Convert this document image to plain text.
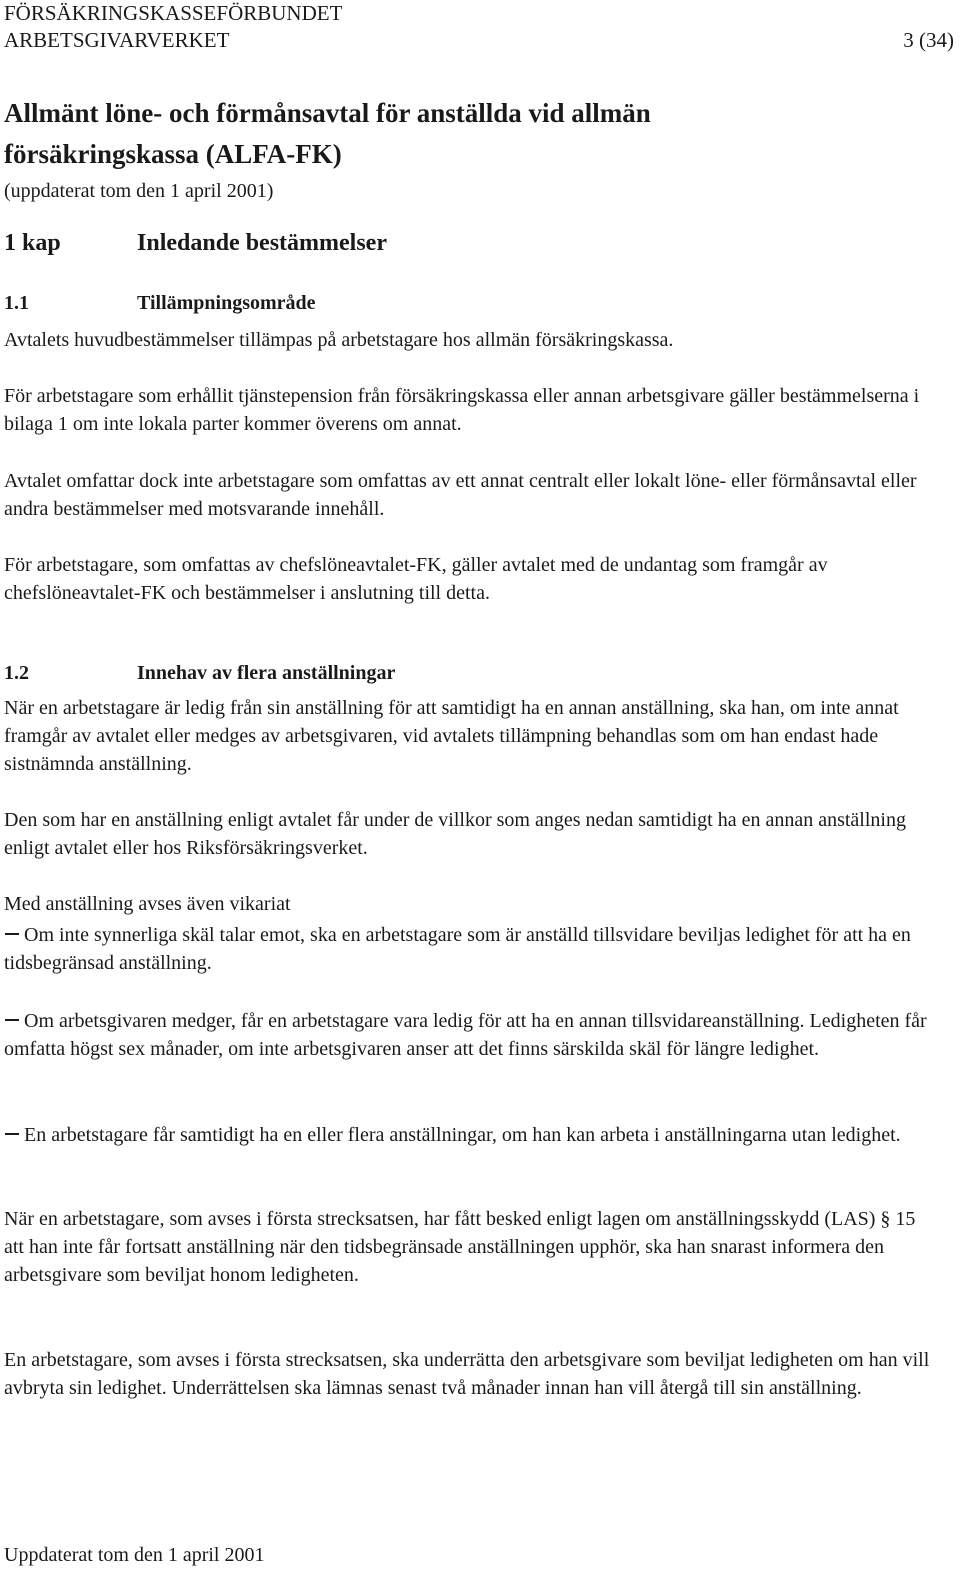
FÖRSÄKRINGSKASSEFÖRBUNDET
ARBETSGIVARVERKET	3 (34)
Allmänt löne- och förmånsavtal för anställda vid allmän
försäkringskassa (ALFA-FK)
(uppdaterat tom den 1 april 2001)
1 kap	Inledande bestämmelser
1.1	Tillämpningsområde
Avtalets huvudbestämmelser tillämpas på arbetstagare hos allmän försäkringskassa.
För arbetstagare som erhållit tjänstepension från försäkringskassa eller annan arbetsgivare gäller bestämmelserna i bilaga 1 om inte lokala parter kommer överens om annat.
Avtalet omfattar dock inte arbetstagare som omfattas av ett annat centralt eller lokalt löne- eller förmånsavtal eller andra bestämmelser med motsvarande innehåll.
För arbetstagare, som omfattas av chefslöneavtalet-FK, gäller avtalet med de undantag som framgår av chefslöneavtalet-FK och bestämmelser i anslutning till detta.
1.2	Innehav av flera anställningar
När en arbetstagare är ledig från sin anställning för att samtidigt ha en annan anställning, ska han, om inte annat framgår av avtalet eller medges av arbetsgivaren, vid avtalets tillämpning behandlas som om han endast hade sistnämnda anställning.
Den som har en anställning enligt avtalet får under de villkor som anges nedan samtidigt ha en annan anställning enligt avtalet eller hos Riksförsäkringsverket.
Med anställning avses även vikariat
Om inte synnerliga skäl talar emot, ska en arbetstagare som är anställd tillsvidare beviljas ledighet för att ha en tidsbegränsad anställning.
Om arbetsgivaren medger, får en arbetstagare vara ledig för att ha en annan tillsvidareanställning. Ledigheten får omfatta högst sex månader, om inte arbetsgivaren anser att det finns särskilda skäl för längre ledighet.
En arbetstagare får samtidigt ha en eller flera anställningar, om han kan arbeta i anställningarna utan ledighet.
När en arbetstagare, som avses i första strecksatsen, har fått besked enligt lagen om anställningsskydd (LAS) § 15 att han inte får fortsatt anställning när den tidsbegränsade anställningen upphör, ska han snarast informera den arbetsgivare som beviljat honom ledigheten.
En arbetstagare, som avses i första strecksatsen, ska underrätta den arbetsgivare som beviljat ledigheten om han vill avbryta sin ledighet. Underrättelsen ska lämnas senast två månader innan han vill återgå till sin anställning.
Uppdaterat tom den 1 april 2001
